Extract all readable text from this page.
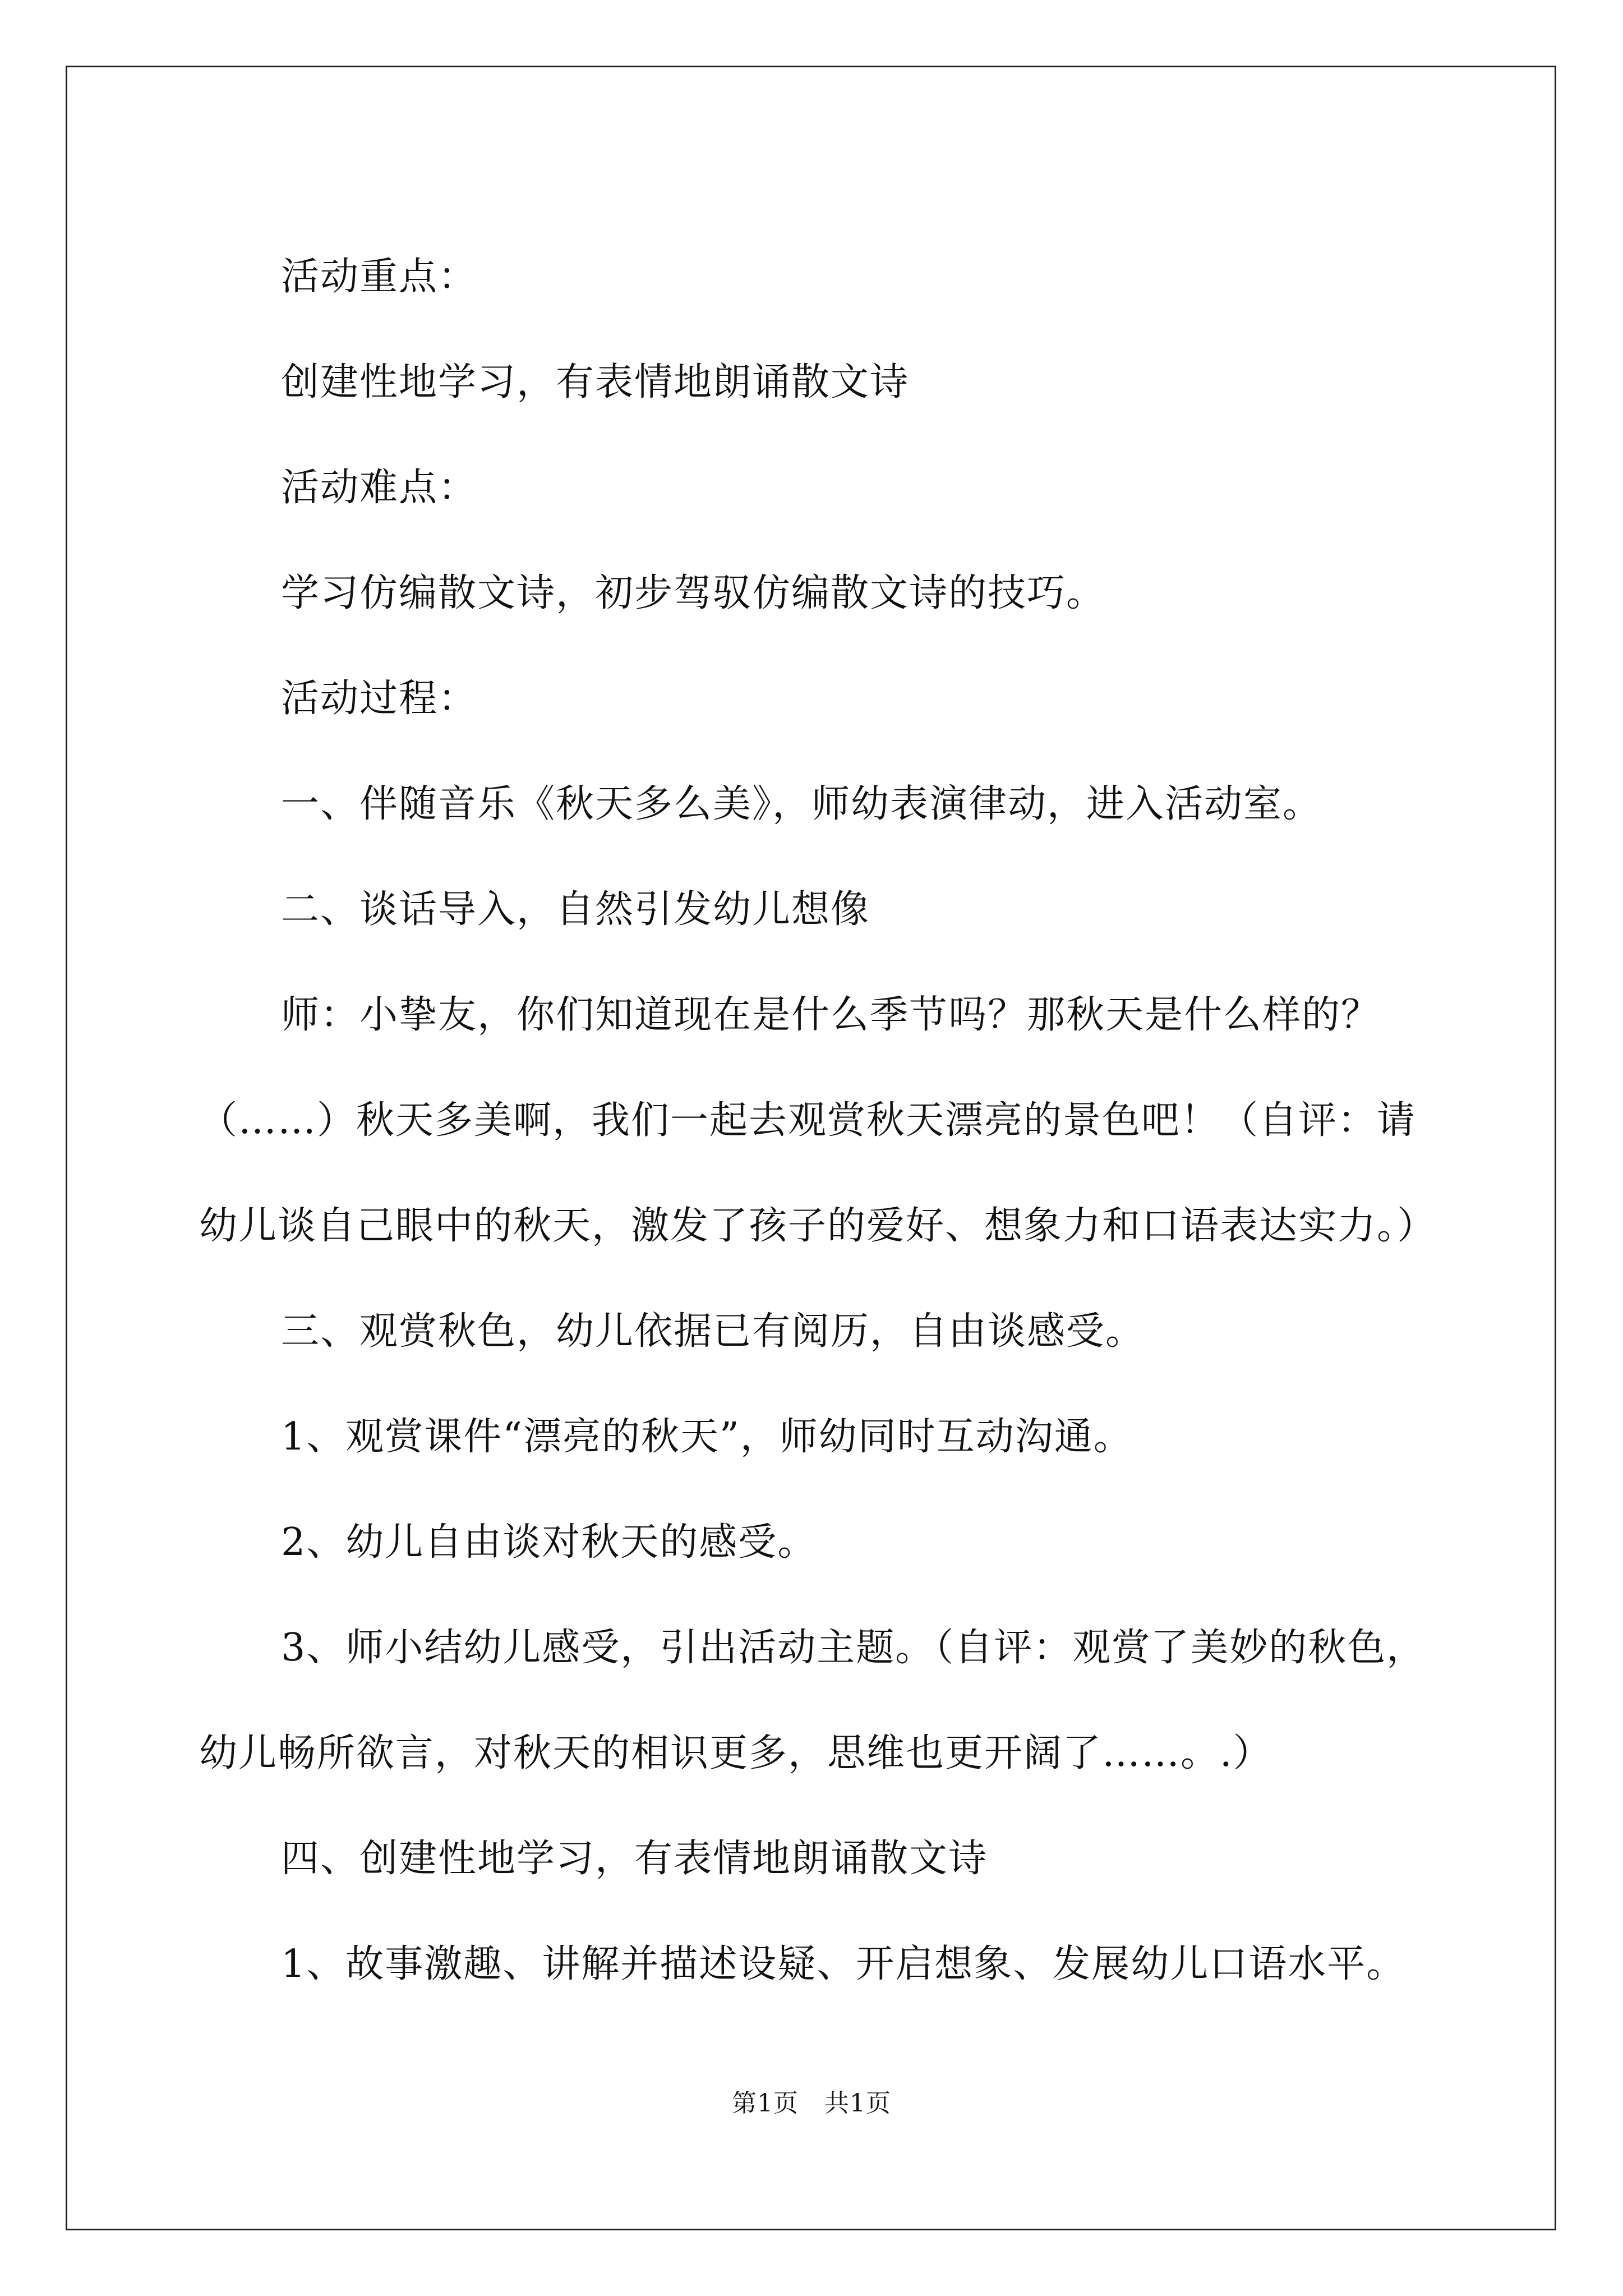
活动重点：

创建性地学习，有表情地朗诵散文诗

活动难点：

学习仿编散文诗，初步驾驭仿编散文诗的技巧。

活动过程：

一、伴随音乐《秋天多么美》，师幼表演律动，进入活动室。

二、谈话导入，自然引发幼儿想像

师：小挚友，你们知道现在是什么季节吗？那秋天是什么样的？

（……）秋天多美啊，我们一起去观赏秋天漂亮的景色吧！（自评：请

幼儿谈自己眼中的秋天，激发了孩子的爱好、想象力和口语表达实力。）

三、观赏秋色，幼儿依据已有阅历，自由谈感受。

1、观赏课件“漂亮的秋天”，师幼同时互动沟通。

2、幼儿自由谈对秋天的感受。

3、师小结幼儿感受，引出活动主题。（自评：观赏了美妙的秋色，

幼儿畅所欲言，对秋天的相识更多，思维也更开阔了……。.）

四、创建性地学习，有表情地朗诵散文诗

1、故事激趣、讲解并描述设疑、开启想象、发展幼儿口语水平。

第1页 共1页
